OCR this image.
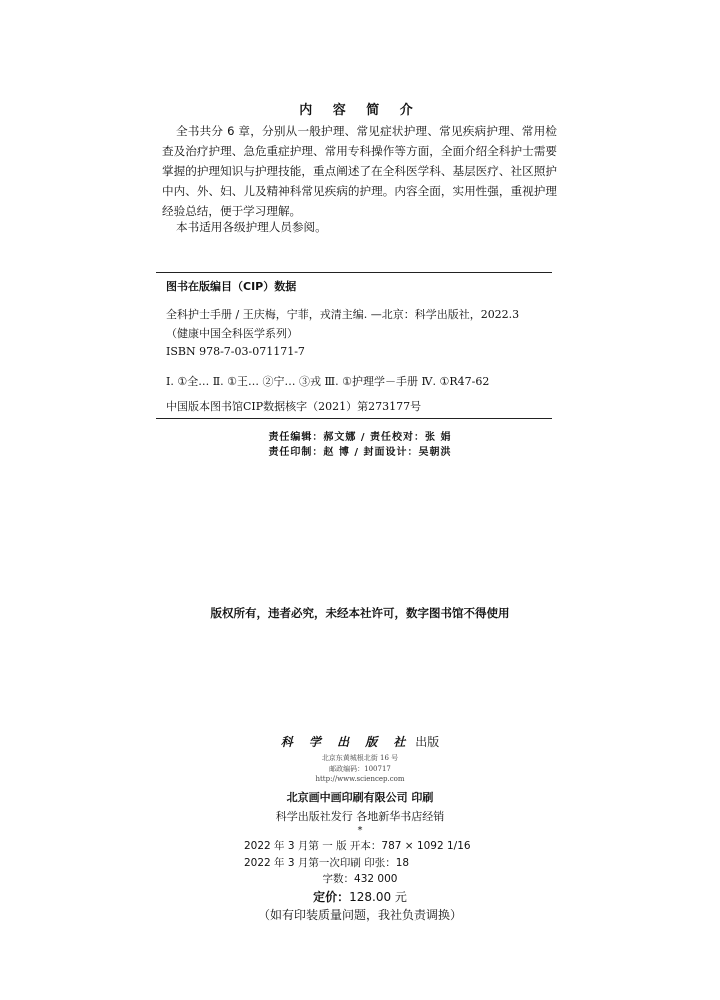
内 容 简 介
全书共分 6 章，分别从一般护理、常见症状护理、常见疾病护理、常用检查及治疗护理、急危重症护理、常用专科操作等方面，全面介绍全科护士需要掌握的护理知识与护理技能，重点阐述了在全科医学科、基层医疗、社区照护中内、外、妇、儿及精神科常见疾病的护理。内容全面，实用性强，重视护理经验总结，便于学习理解。
本书适用各级护理人员参阅。
图书在版编目（CIP）数据
全科护士手册 / 王庆梅，宁菲，戎清主编. —北京：科学出版社，2022.3
（健康中国全科医学系列）
ISBN 978-7-03-071171-7
Ⅰ. ①全… Ⅱ. ①王… ②宁… ③戎 Ⅲ. ①护理学－手册 Ⅳ. ①R47-62
中国版本图书馆CIP数据核字（2021）第273177号
责任编辑：郝文娜 / 责任校对：张 娟
责任印制：赵 博 / 封面设计：吴朝洪
版权所有，违者必究，未经本社许可，数字图书馆不得使用
科 学 出 版 社 出版
北京东黄城根北街 16 号
邮政编码：100717
http://www.sciencep.com
北京画中画印刷有限公司 印刷
科学出版社发行 各地新华书店经销
*
2022 年 3 月第 一 版 开本：787 × 1092 1/16
2022 年 3 月第一次印刷 印张：18
字数：432 000
定价：128.00 元
（如有印装质量问题，我社负责调换）
